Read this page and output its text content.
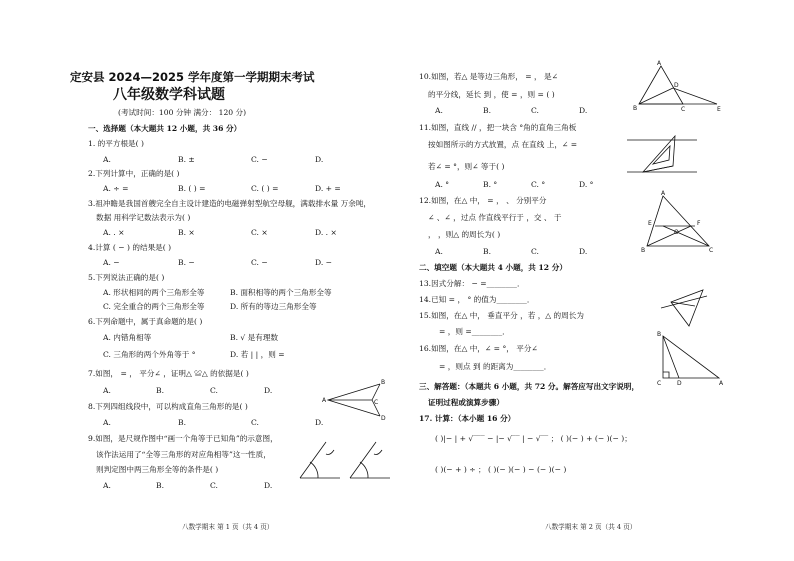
定安县 2024—2025 学年度第一学期期末考试
八年级数学科试题
(考试时间：100 分钟 满分： 120 分)
一、选择题（本大题共 12 小题，共 36 分）
1. 的平方根是( )
A.	B. ±	C. −	D.
2.下列计算中，正确的是( )
A. ÷ =	B. ( ) =	C. ( ) =	D. + =
3.祖冲瞻是我国首艘完全自主设计建造的电磁弹射型航空母舰，满载排水量 万余吨，
数据 用科学记数法表示为( )
A. . ×	B. ×	C. ×	D. . ×
4.计算 ( − ) 的结果是( )
A. −	B. −	C. −	D. −
5.下列说法正确的是( )
A. 形状相同的两个三角形全等	B. 面积相等的两个三角形全等
C. 完全重合的两个三角形全等	D. 所有的等边三角形全等
6.下列命题中，属于真命题的是( )
A. 内错角相等	B. √ 是有理数
C. 三角形的两个外角等于 °	D. 若 | | ，则 =
7.如图， = ， 平分∠ ，证明△ ≌△ 的依据是( )
A.	B.	C.	D.
A
B
C
D
8.下列四组线段中，可以构成直角三角形的是( )
A.	B.	C.	D.
9.如图，是尺规作图中“画一个角等于已知角”的示意图，
该作法运用了“全等三角形的对应角相等”这一性质，
则判定图中两三角形全等的条件是( )
A.	B.	C.	D.
八数学期末 第 1 页（共 4 页）
10.如图，若△ 是等边三角形， = ， 是∠
的平分线，延长 到 ，使 = ，则 = ( )
A.	B.	C.	D.
A
D
B	C	E
11.如图，直线 // ，把一块含 °角的直角三角板
按如图所示的方式放置，点 在直线 上，∠ =
若∠ = °，则∠ 等于( )
A. °	B. °	C. °	D. °
12.如图，在△ 中， = ， 、 分别平分
∠ 、∠ ，过点 作直线平行于 ，交 、 于
， ，则△ 的周长为( )
A.	B.	C.	D.
A
E
O
F
B	C
二、填空题（本大题共 4 小题，共 12 分）
13.因式分解： − =________．
14.已知 = ， ° 的值为________．
15.如图，在△ 中， 垂直平分 ，若 ，△ 的周长为
= ，则 =________．
16.如图，在△ 中，∠ = °， 平分∠
= ，则点 到 的距离为________．
B
C	D	A
三、解答题：（本题共 6 小题，共 72 分。解答应写出文字说明，
证明过程或演算步骤）
17. 计算：（本小题 16 分）
( )|− | + √‾‾‾ − |− √‾‾ | − √‾‾ ； ( )(− ) + (− )(− )；
( )(− + ) ÷ ； ( )(− )(− ) − (− )(− )
八数学期末 第 2 页（共 4 页）
